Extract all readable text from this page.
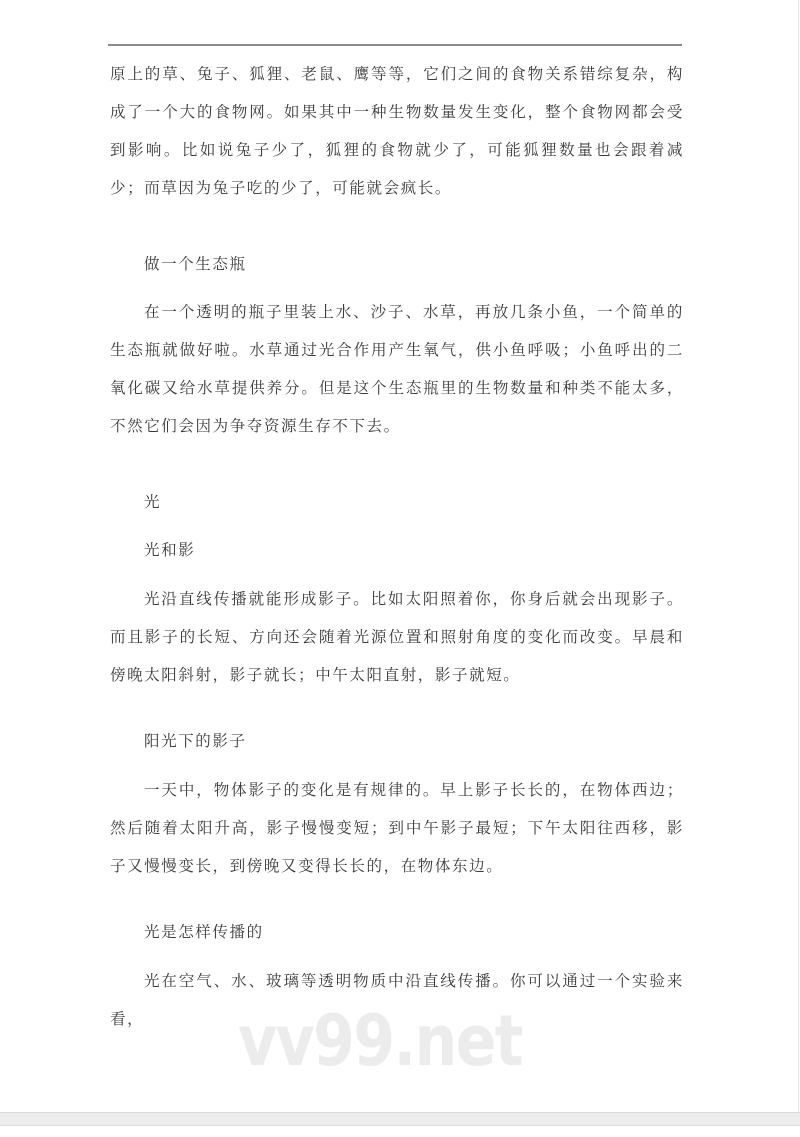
原上的草、兔子、狐狸、老鼠、鹰等等，它们之间的食物关系错综复杂，构成了一个大的食物网。如果其中一种生物数量发生变化，整个食物网都会受到影响。比如说兔子少了，狐狸的食物就少了，可能狐狸数量也会跟着减少；而草因为兔子吃的少了，可能就会疯长。
做一个生态瓶
在一个透明的瓶子里装上水、沙子、水草，再放几条小鱼，一个简单的生态瓶就做好啦。水草通过光合作用产生氧气，供小鱼呼吸；小鱼呼出的二氧化碳又给水草提供养分。但是这个生态瓶里的生物数量和种类不能太多，不然它们会因为争夺资源生存不下去。
光
光和影
光沿直线传播就能形成影子。比如太阳照着你，你身后就会出现影子。而且影子的长短、方向还会随着光源位置和照射角度的变化而改变。早晨和傍晚太阳斜射，影子就长；中午太阳直射，影子就短。
阳光下的影子
一天中，物体影子的变化是有规律的。早上影子长长的，在物体西边；然后随着太阳升高，影子慢慢变短；到中午影子最短；下午太阳往西移，影子又慢慢变长，到傍晚又变得长长的，在物体东边。
光是怎样传播的
光在空气、水、玻璃等透明物质中沿直线传播。你可以通过一个实验来看，	vv99.net
